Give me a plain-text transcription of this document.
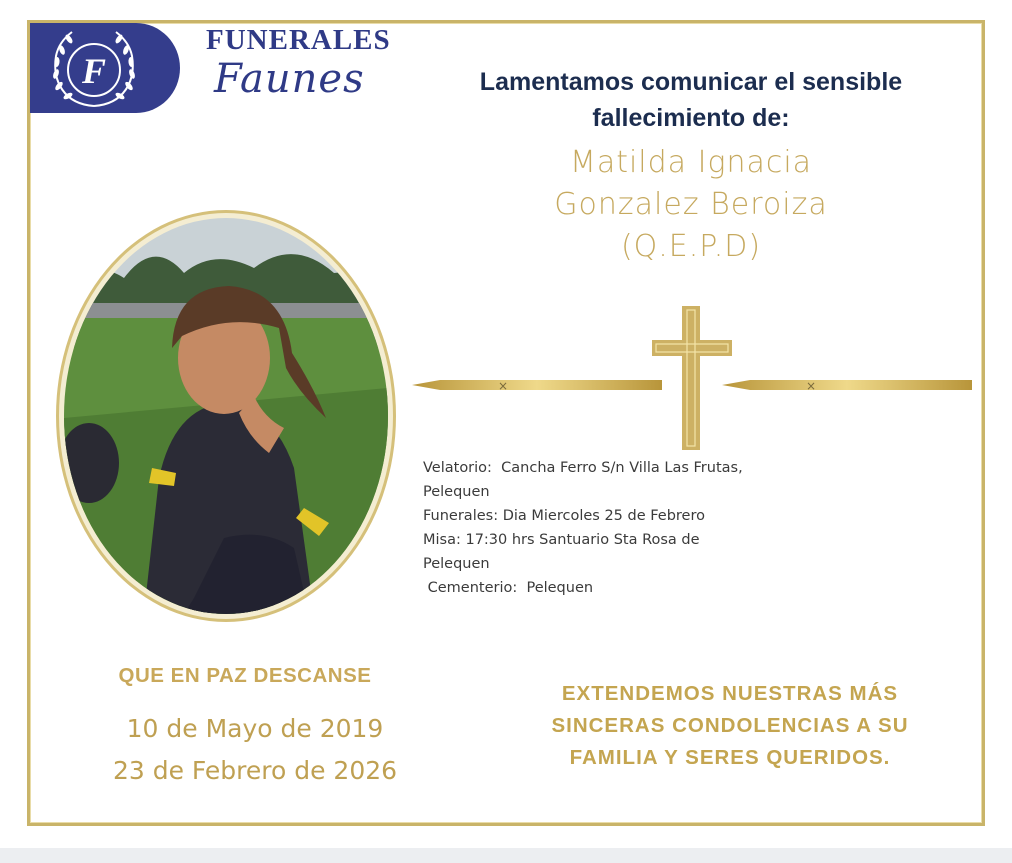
F
FUNERALES
Faunes	Lamentamos comunicar el sensible
fallecimiento de:
Matilda Ignacia
Gonzalez Beroiza
(Q.E.P.D)
×	×
Velatorio:  Cancha Ferro S/n Villa Las Frutas,
Pelequen
Funerales: Dia Miercoles 25 de Febrero
Misa: 17:30 hrs Santuario Sta Rosa de
Pelequen
Cementerio:  Pelequen
QUE EN PAZ DESCANSE
10 de Mayo de 2019
23 de Febrero de 2026
EXTENDEMOS NUESTRAS MÁS
SINCERAS CONDOLENCIAS A SU
FAMILIA Y SERES QUERIDOS.
